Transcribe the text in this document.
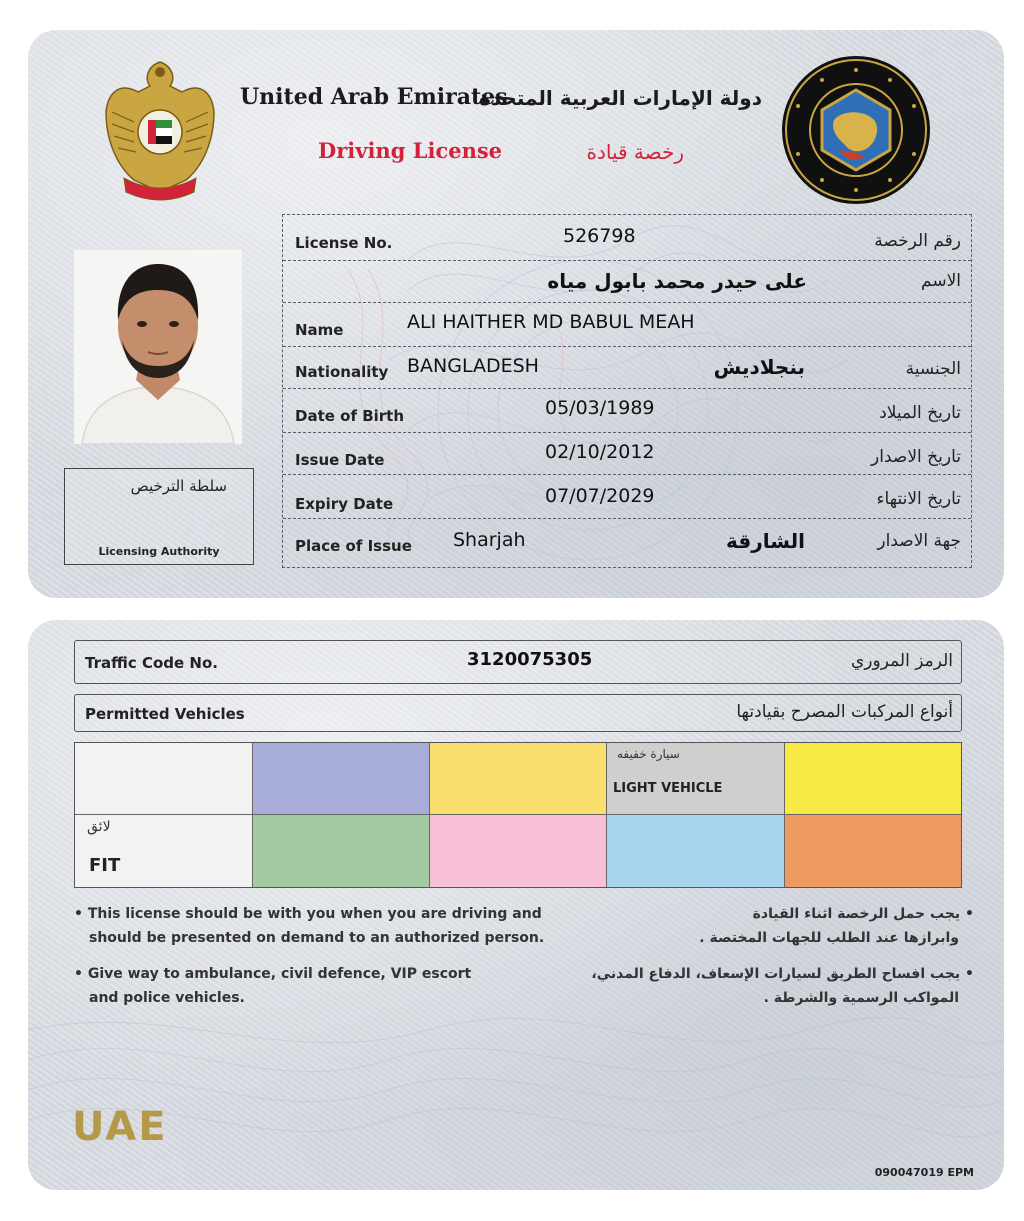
United Arab Emirates
دولة الإمارات العربية المتحدة
Driving License	رخصة قيادة
سلطة الترخيص
Licensing Authority
License No.	526798	رقم الرخصة
على حيدر محمد بابول مياه	الاسم
Name	ALI HAITHER MD BABUL MEAH
Nationality BANGLADESH	بنجلاديش	الجنسية
Date of Birth	05/03/1989	تاريخ الميلاد
Issue Date	02/10/2012	تاريخ الاصدار
Expiry Date	07/07/2029	تاريخ الانتهاء
Place of Issue Sharjah	الشارقة	جهة الاصدار
Traffic Code No.	3120075305	الرمز المروري
Permitted Vehicles	أنواع المركبات المصرح بقيادتها
سيارة خفيفه
LIGHT VEHICLE
لائق
FIT
• This license should be with you when you are driving and
should be presented on demand to an authorized person.
• Give way to ambulance, civil defence, VIP escort
and police vehicles.
• يجب حمل الرخصة اثناء القيادة
وابرازها عند الطلب للجهات المختصة .
• يجب افساح الطريق لسيارات الإسعاف، الدفاع المدني،
المواكب الرسمية والشرطة .
UAE
090047019 EPM
